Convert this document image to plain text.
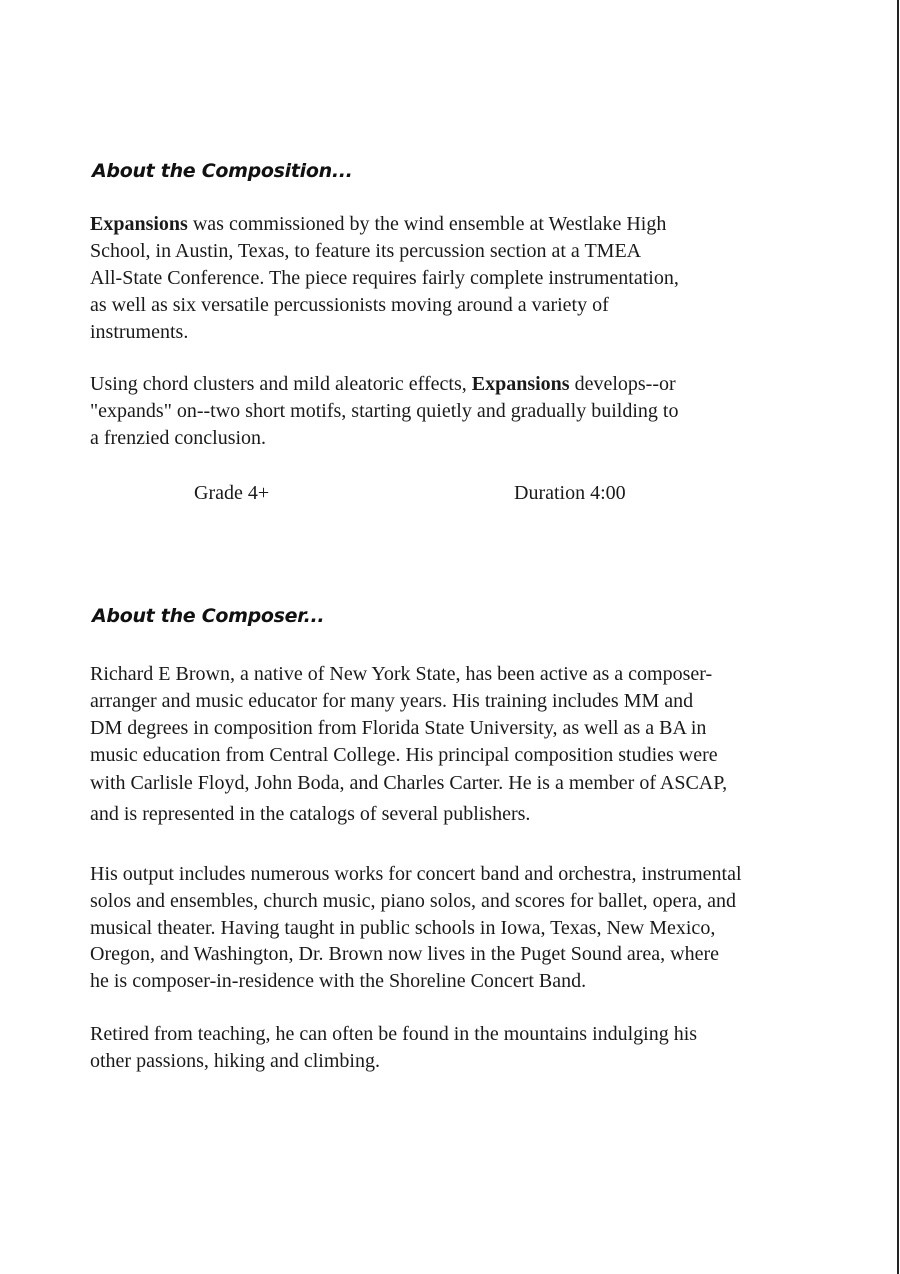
About the Composition...
Expansions was commissioned by the wind ensemble at Westlake High
School, in Austin, Texas, to feature its percussion section at a TMEA
All-State Conference. The piece requires fairly complete instrumentation,
as well as six versatile percussionists moving around a variety of
instruments.
Using chord clusters and mild aleatoric effects, Expansions develops--or
"expands" on--two short motifs, starting quietly and gradually building to
a frenzied conclusion.
Grade 4+	Duration 4:00
About the Composer...
Richard E Brown, a native of New York State, has been active as a composer-
arranger and music educator for many years. His training includes MM and
DM degrees in composition from Florida State University, as well as a BA in
music education from Central College. His principal composition studies were
with Carlisle Floyd, John Boda, and Charles Carter. He is a member of ASCAP,
and is represented in the catalogs of several publishers.
His output includes numerous works for concert band and orchestra, instrumental
solos and ensembles, church music, piano solos, and scores for ballet, opera, and
musical theater. Having taught in public schools in Iowa, Texas, New Mexico,
Oregon, and Washington, Dr. Brown now lives in the Puget Sound area, where
he is composer-in-residence with the Shoreline Concert Band.
Retired from teaching, he can often be found in the mountains indulging his
other passions, hiking and climbing.
